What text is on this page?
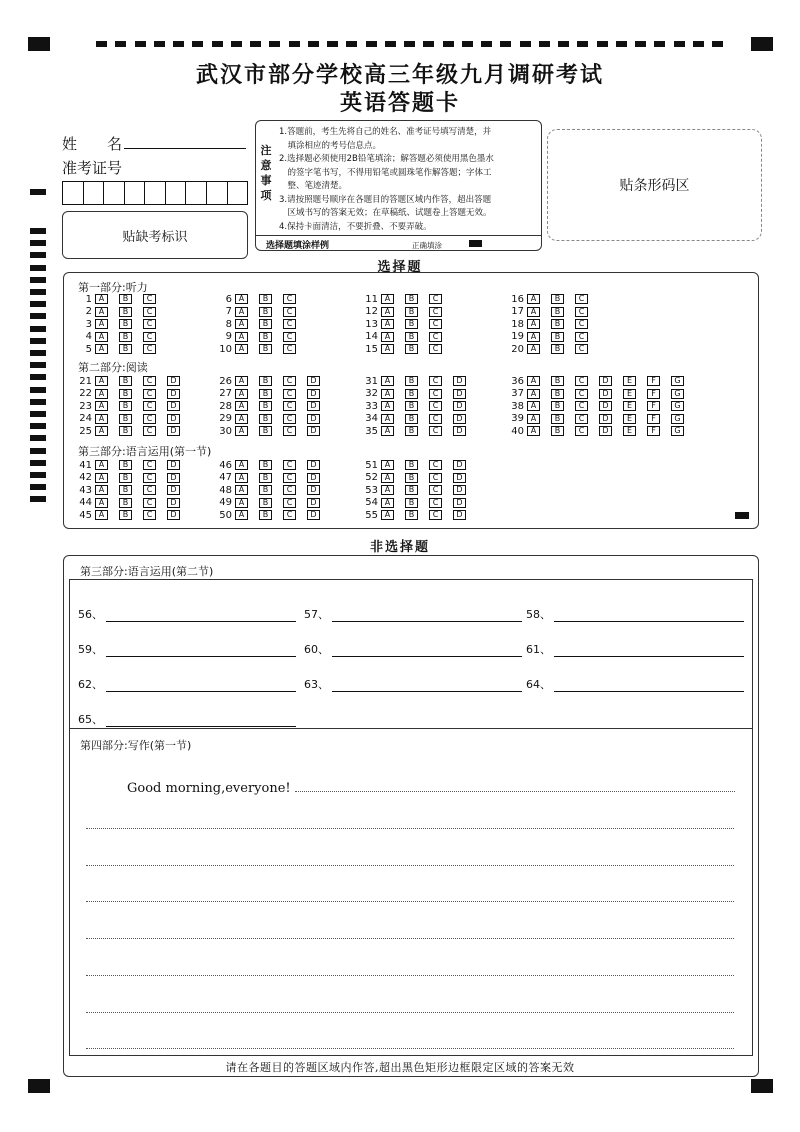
武汉市部分学校高三年级九月调研考试
英语答题卡
姓　　名
准考证号
贴缺考标识
注
意
事
项
1.答题前，考生先将自己的姓名、准考证号填写清楚，并
　填涂相应的考号信息点。
2.选择题必须使用2B铅笔填涂；解答题必须使用黑色墨水
　的签字笔书写，不得用铅笔或圆珠笔作解答题；字体工
　整、笔迹清楚。
3.请按照题号顺序在各题目的答题区域内作答，超出答题
　区域书写的答案无效；在草稿纸、试题卷上答题无效。
4.保持卡面清洁，不要折叠、不要弄破。
选择题填涂样例	正确填涂
贴条形码区
选择题
第一部分:听力
第二部分:阅读
第三部分:语言运用(第一节)
1 A	B	C
2 A	B	C
3 A	B	C
4 A	B	C
5 A	B	C
6 A	B	C
7 A	B	C
8 A	B	C
9 A	B	C
10 A	B	C
11 A	B	C
12 A	B	C
13 A	B	C
14 A	B	C
15 A	B	C
16 A	B	C
17 A	B	C
18 A	B	C
19 A	B	C
20 A	B	C
21 A	B	C	D
22 A	B	C	D
23 A	B	C	D
24 A	B	C	D
25 A	B	C	D
26 A	B	C	D
27 A	B	C	D
28 A	B	C	D
29 A	B	C	D
30 A	B	C	D
31 A	B	C	D
32 A	B	C	D
33 A	B	C	D
34 A	B	C	D
35 A	B	C	D
36 A	B	C	D	E	F	G
37 A	B	C	D	E	F	G
38 A	B	C	D	E	F	G
39 A	B	C	D	E	F	G
40 A	B	C	D	E	F	G
41 A	B	C	D
42 A	B	C	D
43 A	B	C	D
44 A	B	C	D
45 A	B	C	D
46 A	B	C	D
47 A	B	C	D
48 A	B	C	D
49 A	B	C	D
50 A	B	C	D
51 A	B	C	D
52 A	B	C	D
53 A	B	C	D
54 A	B	C	D
55 A	B	C	D
非选择题
第三部分:语言运用(第二节)
56、	57、	58、
59、	60、	61、
62、	63、	64、
65、
第四部分:写作(第一节)
Good morning,everyone!
请在各题目的答题区域内作答,超出黑色矩形边框限定区域的答案无效
